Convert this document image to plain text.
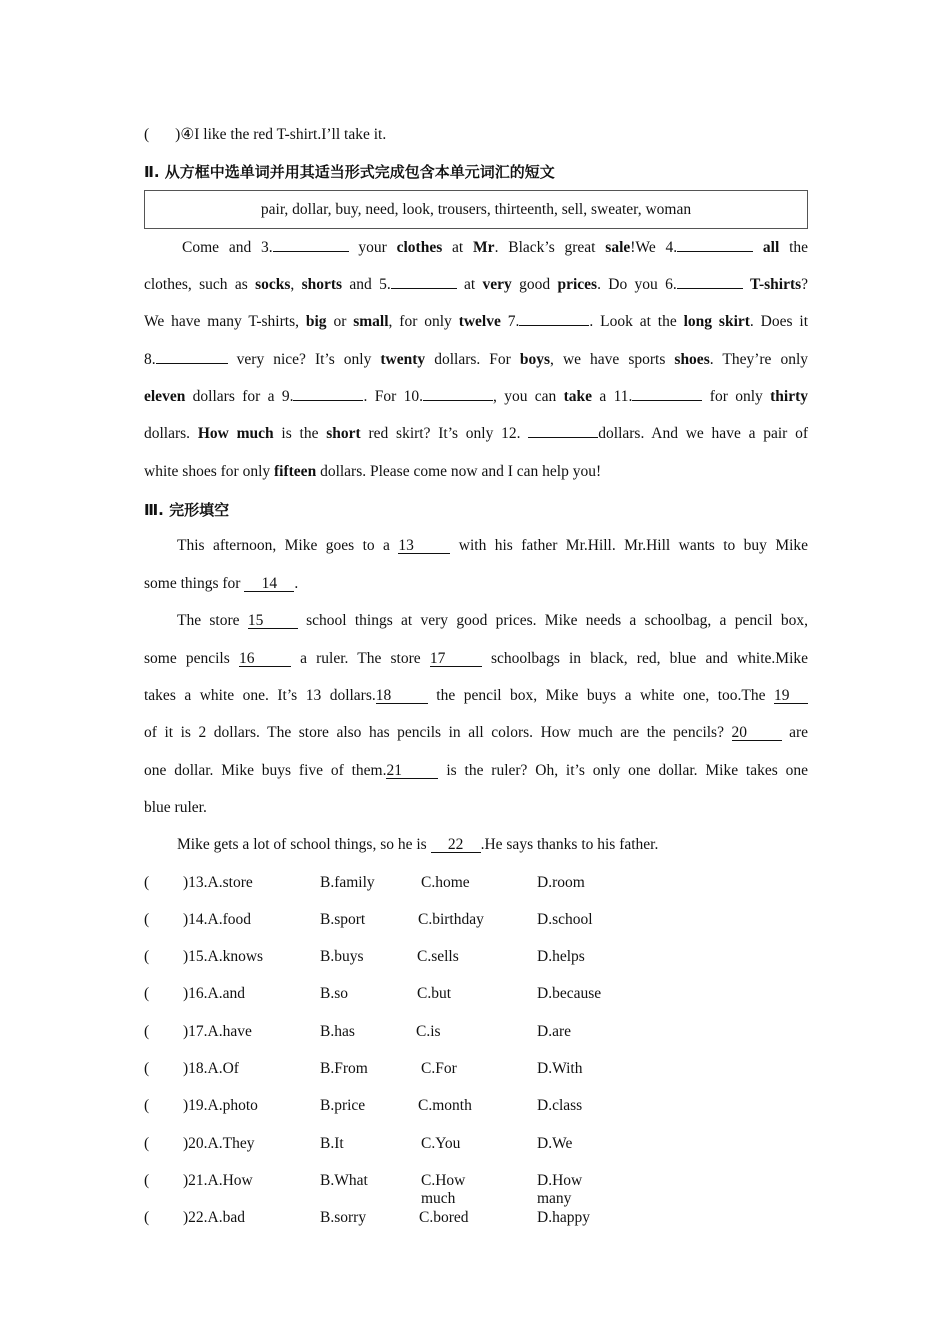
( )④I like the red T-shirt.I’ll take it.
Ⅱ. 从方框中选单词并用其适当形式完成包含本单元词汇的短文
pair, dollar, buy, need, look, trousers, thirteenth, sell, sweater, woman
Come and 3.	your clothes at Mr. Black’s great sale!We 4.	all the
clothes, such as socks, shorts and 5.	at very good prices. Do you 6.	T-shirts?
We have many T-shirts, big or small, for only twelve 7.	. Look at the long skirt. Does it
8.	very nice? It’s only twenty dollars. For boys, we have sports shoes. They’re only
eleven dollars for a 9.	. For 10.	, you can take a 11.	for only thirty
dollars. How much is the short red skirt? It’s only 12.	dollars. And we have a pair of
white shoes for only fifteen dollars. Please come now and I can help you!
Ⅲ. 完形填空
This afternoon, Mike goes to a 13	with his father Mr.Hill. Mr.Hill wants to buy Mike
some things for 14 .
The store 15	school things at very good prices. Mike needs a schoolbag, a pencil box,
some pencils 16	a ruler. The store 17	schoolbags in black, red, blue and white.Mike
takes a white one. It’s 13 dollars.18	the pencil box, Mike buys a white one, too.The 19
of it is 2 dollars. The store also has pencils in all colors. How much are the pencils? 20	are
one dollar. Mike buys five of them.21	is the ruler? Oh, it’s only one dollar. Mike takes one
blue ruler.
Mike gets a lot of school things, so he is 22 .He says thanks to his father.
( )13.A.store	B.family	C.home	D.room
( )14.A.food	B.sport	C.birthday	D.school
( )15.A.knows	B.buys	C.sells	D.helps
( )16.A.and	B.so	C.but	D.because
( )17.A.have	B.has	C.is	D.are
( )18.A.Of	B.From	C.For	D.With
( )19.A.photo	B.price	C.month	D.class
( )20.A.They	B.It	C.You	D.We
( )21.A.How	B.What	C.How much
D.How many
( )22.A.bad	B.sorry	C.bored	D.happy
